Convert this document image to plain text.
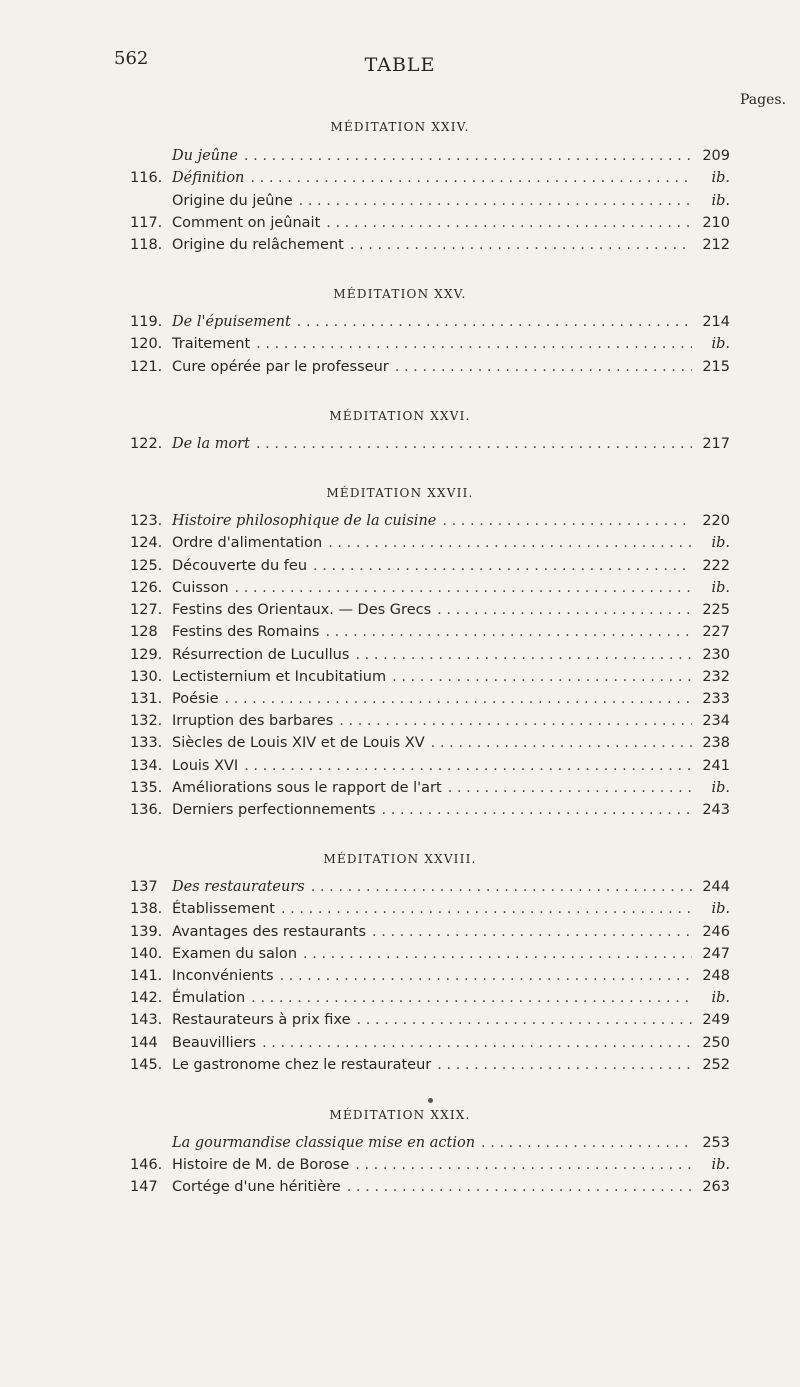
562	TABLE
Pages.
MÉDITATION XXIV.
Du jeûne . . .	209
116. Définition . . .	ib.
Origine du jeûne . . .	ib.
117. Comment on jeûnait . . .	210
118. Origine du relâchement . . .	212
MÉDITATION XXV.
119. De l'épuisement . . .	214
120. Traitement . . .	ib.
121. Cure opérée par le professeur . . .	215
MÉDITATION XXVI.
122. De la mort . . .	217
MÉDITATION XXVII.
123. Histoire philosophique de la cuisine . . .	220
124. Ordre d'alimentation . . .	ib.
125. Découverte du feu . . .	222
126. Cuisson . . .	ib.
127. Festins des Orientaux. — Des Grecs . . .	225
128 Festins des Romains . . .	227
129. Résurrection de Lucullus . . .	230
130. Lectisternium et Incubitatium . . .	232
131. Poésie . . .	233
132. Irruption des barbares . . .	234
133. Siècles de Louis XIV et de Louis XV . . .	238
134. Louis XVI . . .	241
135. Améliorations sous le rapport de l'art . . .	ib.
136. Derniers perfectionnements . . .	243
MÉDITATION XXVIII.
137 Des restaurateurs . . .	244
138. Établissement . . .	ib.
139. Avantages des restaurants . . .	246
140. Examen du salon . . .	247
141. Inconvénients . . .	248
142. Émulation . . .	ib.
143. Restaurateurs à prix fixe . . .	249
144 Beauvilliers . . .	250
145. Le gastronome chez le restaurateur . . .	252
MÉDITATION XXIX.
La gourmandise classique mise en action . . .	253
146. Histoire de M. de Borose . . .	ib.
147 Cortége d'une héritière . . .	263
